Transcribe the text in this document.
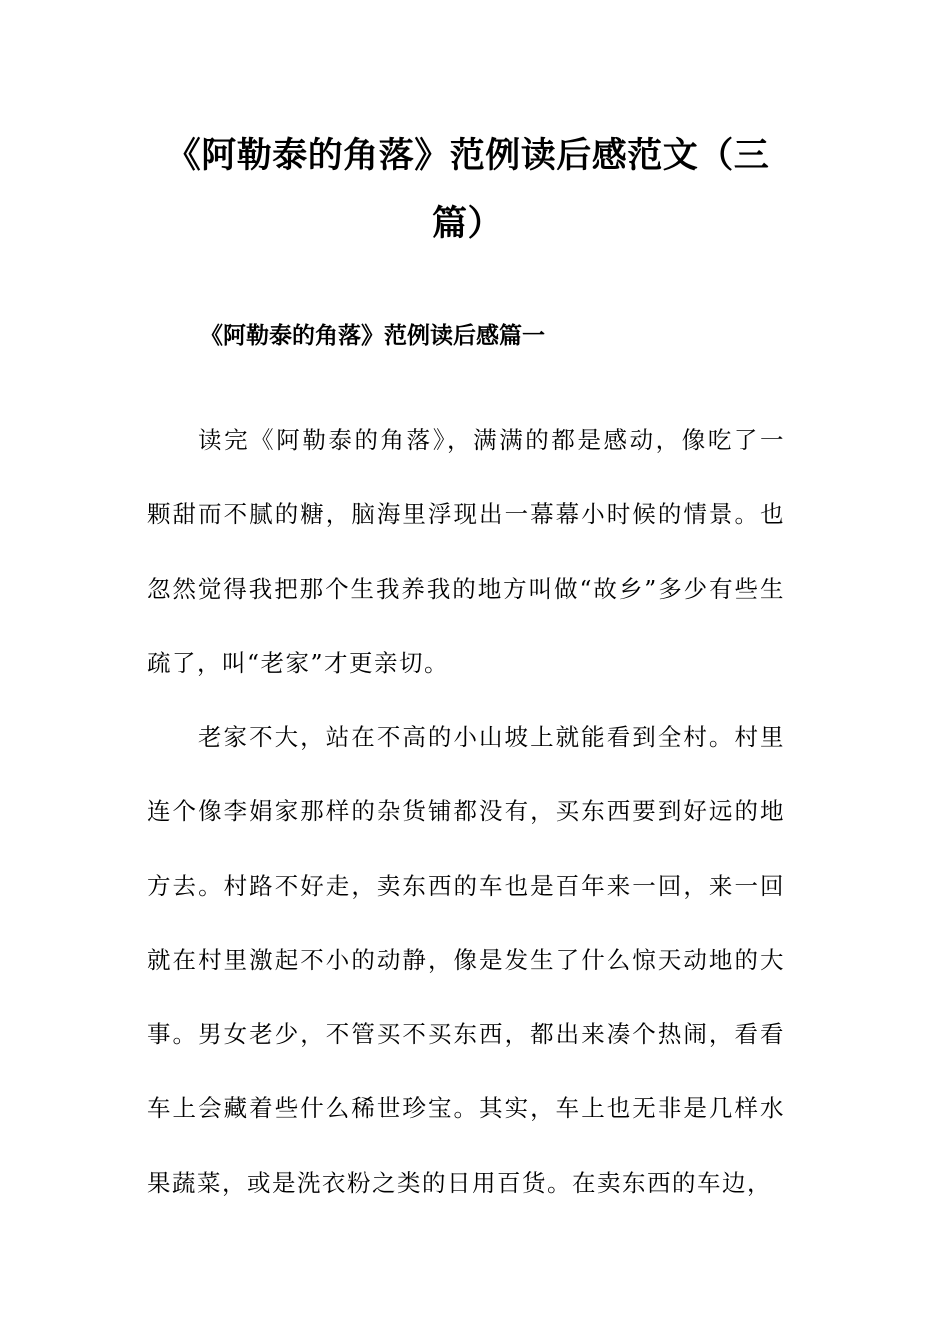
《阿勒泰的角落》范例读后感范文（三篇）
《阿勒泰的角落》范例读后感篇一

读完《阿勒泰的角落》，满满的都是感动，像吃了一颗甜而不腻的糖，脑海里浮现出一幕幕小时候的情景。也忽然觉得我把那个生我养我的地方叫做“故乡”多少有些生疏了，叫“老家”才更亲切。

老家不大，站在不高的小山坡上就能看到全村。村里连个像李娟家那样的杂货铺都没有，买东西要到好远的地方去。村路不好走，卖东西的车也是百年来一回，来一回就在村里激起不小的动静，像是发生了什么惊天动地的大事。男女老少，不管买不买东西，都出来凑个热闹，看看车上会藏着些什么稀世珍宝。其实，车上也无非是几样水果蔬菜，或是洗衣粉之类的日用百货。在卖东西的车边，
